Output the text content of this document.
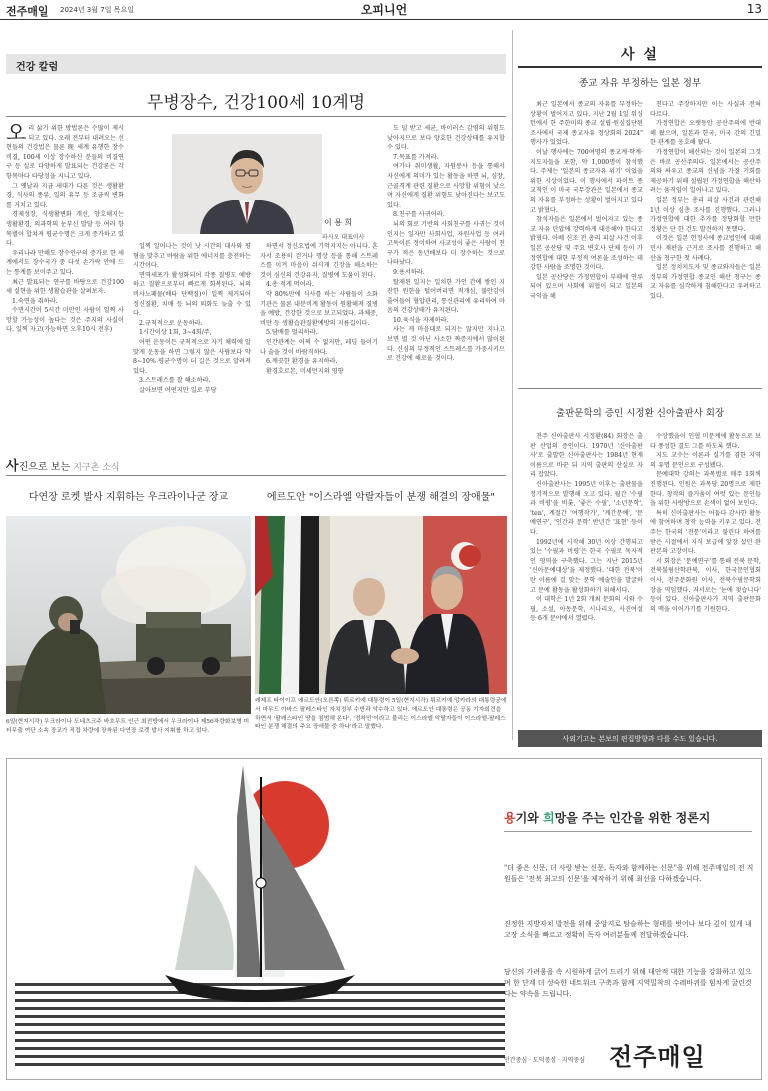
전주매일 2024년 3월 7일 목요일	오피니언	13
건강 칼럼
무병장수, 건강100세 10계명

오리 삶기 위한 방법론은 수많이 제시되고 있다. 오래 전부터 내려오는 선현들의 건강법은 물론 现 세계 유행한 장수비결, 100세 이상 장수하신 분들의 비결연구 등 실로 다양하게 발표되는 건강론은 각 항목마다 타당성을 지니고 있다.

그 옛날과 지금 세대가 다른 것은 생활환경, 식사의 종류, 일의 유무 등 조금씩 변화를 거치고 있다.

경제성장, 식생활변화 개선, 양호해지는 생활환경, 의과학의 눈부신 발달 등 여러 항목별이 합쳐져 평균수명은 크게 증가하고 있다.

우리나라 만해도 장수인구의 증가로 한 세계에서도 장수국가 중 다섯 손가락 안에 드는 통계를 보이주고 있다.

최근 발표되는 연구를 바탕으로 건강100세 실현을 위한 생활습관을 살펴보자.

1.숙면을 취하라.

수면시간이 5시간 미만인 사람이 일찍 사망할 가능성이 높다는 것은 주지의 사실이다. 일찍 자고(가능하면 오후10시 전후)

이 용 희
파시오 대표이사

일찍 일어나는 것이 낫 시간의 대사와 평형을 맞추고 바람을 위한 에너지를 충전하는 시간이다.

면역세포가 활성화되어 각종 질병도 예방하고 질환으로부터 빠르게 회복된다. 뇌의 비사노폐물(베타 단백질)이 일찍 제거되어 정신질환, 치매 등 뇌의 퇴화도 늦출 수 있다.

2.규칙적으로 운동하라.

1시간이상 1회, 3~4회/주,

어떤 운동이든 규칙적으로 자기 체력에 알맞게 운동을 하면 그렇지 않은 사람보다 약 8~10% 평균수명이 더 길은 것으로 알려져 있다.

3.스트레스를 잘 해소하라.

살아보면 어떤지만 일로 부당

하면서 정신요법에 기억지지는 아니다. 혼자서 조용히 걷거나 명상 등을 통해 스트레스를 이겨 마음이 쉬시게 긴장을 해소하는 것이 심신의 건강유지, 질병에 도움이 된다.

4.총 적게 먹어라.

약 80%만에 식사를 하는 사람들이 소화기관은 물론 내분비계 활동이 원활해져 질병을 예방, 건강한 것으로 보고되었다. 과체중, 비만 등 생활습관질환예방의 지름길이다.

5.담배를 멀리하라.

인간관계는 어찌 수 없지만, 레딩 들이기나 술을 것이 바람직하다.

6.깨끗한 환경을 유지하라.

환경호르몬, 미세먼지의 영향

도 덜 받고 세균, 바이러스 감염의 위험도 낮아지므로 보다 양호한 건강상태를 유지할 수 있다.

7.목표를 가져라.

여가나 취미생활, 자원봉사 등을 통해서 자신에게 의미가 있는 활동을 하면 뇌, 심장, 근골격계 관련 질환으로 사망할 위험이 낮으며 자신에게 질환 위험도 낮아진다는 보고도 있다.

8.친구를 사귀어라.

뇌의 회로 기반의 사회친구를 사귀는 것이 인지는 일자만 사회사업, 자원사업 등 여러 고독이른 정이하여 사교성이 좋은 사람이 친구가 적은 동년배보다 더 장수하는 것으로 나타났다.

9.용서하라.

탈제된 일지는 일치한 가인 간에 쌓인 지잔한 원한을 털어버리면 적개심, 불안감이 줄어들어 혈압관리, 통신관리에 유리하여 마음의 건강상태가 유지된다.

10.육식을 자제하라.

사는 게 마음대로 되지는 않지만 지나고 보면 별 것 아닌 사소한 짜증지에서 많이된다. 신심의 부정적인 스트레스를 가중시키므로 건강에 해로울 것이다.

사진으로 보는 지구촌 소식
다연장 로켓 발사 지휘하는 우크라이나군 장교
6일(현지시각) 우크라이나 도네츠크주 바흐무트 인근 최전방에서 우크라이나 제56차량화보병 미터무출 여단 소속 장교가 직접 차량에 장착된 다연장 로켓 발사 지휘를 하고 있다.
에르도안 "이스라엘 악랄자들이 분쟁 해결의 장애물"
레제프 타이이프 에르도안(오른쪽) 튀르키예 대통령이 5일(현지시각) 튀르키예 앙카라의 대통령궁에서 마무드 아바스 팔레스타인 자치정부 수반과 악수하고 있다. 에르도안 대통령은 공동 기자회견을 하면서 '팔레스타인 땅을 침범해 온다', '정착민'이라고 불리는 이스라엘 악랄자들이 이스라엘-팔레스타인 분쟁 해결의 주요 장애물 중 하나'라고 말했다.
사 설
종교 자유 부정하는 일본 정부

최근 일본에서 종교의 자유를 부정하는 상황이 벌어지고 있다. 지난 2월 1일 워싱턴에서 한 주한미의 종교 설립·원심집단된 조사에서 국제 종교자유 정상회의 2024" 행사가 있었다.

이날 행사에는 700여명의 종교계·학계·지도자들을 포함, 약 1,000명이 참석했다. 주제는 '일본의 종교자유 위기' 이었을 위한 시상이었다. 이 행사에서 파이트 종교적인 이 마국 국무장관은 일본에서 종교의 자유를 부정하는 상황이 벌어지고 있다고 밝혔다.

참석자들은 일본에서 벌어지고 있는 종교 자유 탄압에 강력하게 대응해야 한다고 밝혔다. 아베 신조 전 총리 피살 사건 이후 일본 공산당 및 주요 변호사 단체 등이 가정연합에 대한 부정적 여론을 조성하는 데 강한 사람을 조명한 것이다.

일본 공산당은 가정연합이 부패에 연루되어 있으며 사회에 위협이 되고 일본의 국익을 해

친다고 주장하지만 이는 사실과 전혀 다르다.

가정연합은 오랫동안 공산주의에 반대해 왔으며, 일본과 한국, 미국 간의 긴밀한 관계를 옹호해 왔다.

가정연합이 해산되는 것이 일본의 그것은 바로 공산주의다. 일본에서는 공산주의와 싸우고 종교의 신념을 가질 기회를 제공하기 위해 설립된 가정연합을 해산하려는 움직임이 일어나고 있다.

일본 정부는 총리 피살 사건과 관련해 1년 이상 심층 조사를 진행했다. 그러나 가정연합에 대한 추가를 정당화할 만한 정황은 단 한 건도 발견하지 못했다.

이것은 일본 헌정사에 종교법인에 대해 민사 재판을 근거로 조사를 진행하고 해산을 청구한 첫 사례다.

일본 정치지도자 및 종교와자들은 일본 정부의 가정연합 종교인 해산 청구는 종교 자유를 심각하게 침해한다고 우려하고 있다.

출판문학의 증인 시정환 신아출판사 회장

전주 신아출판사 서정환(84) 회장은 출판 산업의 증인이다. 1970년 '신아출판사'로 출발한 신아출판사는 1984년 현재 이름으로 바꾼 뒤 지역 출판의 산실로 자리 잡았다.

신아출판사는 1995년 이후는 출판물을 정기적으로 발행해 오고 있다. 월간 '수필과 비평'을 비롯, '좋은 수필', '소년문학', 'ten', 계절간 '여행작가', '계간문예', '문예연구', '인간과 문학' 반년간 '표현' 등이다.

1992년에 시작해 30년 이상 간행되고 있는 '수필과 비평'은 한국 수필로 독자적인 영역을 구축했다. 그는 지난 2015년 '신아문예대상'을 제정했다. '대한 전북'이란 이름에 걸 맞는 문학 예술인을 발굴하고 문예 활동을 활성화하기 위해서다.

이 대학은 1년 2회 개최 문화의 시와 수필, 소설, 아동문학, 시나리오, 사진여설 등 6개 분야에서 열렸다.

수상했을이 인협 미문계에 활동으로 보다 풍성한 결도 그를 하도록 했다.

지도 교수는 이론과 실기를 겸한 지역의 유명 문인으로 구성됐다.

문예대학 강의는 과목별로 매주 1회씩 진행된다. 인원은 과목당 20명으로 제한한다. 창작의 즐거움이 여럿 있는 문인들을 위한 사랑방으로 손색이 없어 보인다.

특히 신아출판사는 어둡다 감사한 활동에 참여하며 창작 능력을 키우고 있다. 전주는 한국의 '전문'이라고 불린다 하여를 받은 시절에서 지식 보급에 앞장 섰던 완판본의 고장이다.

서 회장은 '문예연구'를 통해 전북 문학, 전북불림산학관북, 이사, 한국문인협회 이사, 전주문화원 이사, 전북수필문학회장을 역임했다. 저서로는 '눈에 젖습니다' 등이 있다. 신아출판사가 지역 출판문화의 맥을 이어가기를 기원한다.

사외기고는 본보의 편집방향과 다를 수도 있습니다.
용기와 희망을 주는 인간을 위한 정론지
"더 좋은 신문, 더 사랑 받는 신문, 독자와 함께하는 신문"을 위해 전주매일의 전 직원들은 '전북 최고의 신문'을 제작하기 위해 최선을 다하겠습니다.
진정한 지방자치 발전을 위해 중앙지로 탐슬하는 형태를 벗어나 보다 깊이 있게 내 고장 소식을 빠르고 정확히 독자 여러분들께 전달하겠습니다.
당신의 가려움을 속 시원하게 긁어 드리기 위해 대안적 대한 기능을 강화하고 있으며 한 단계 더 성숙한 네트워크 구축과 함께 지역밀착의 수레바퀴를 힘차게 굴린것다는 약속을 드립니다.
인간중심 · 도덕중심 · 지역중심 전주매일
